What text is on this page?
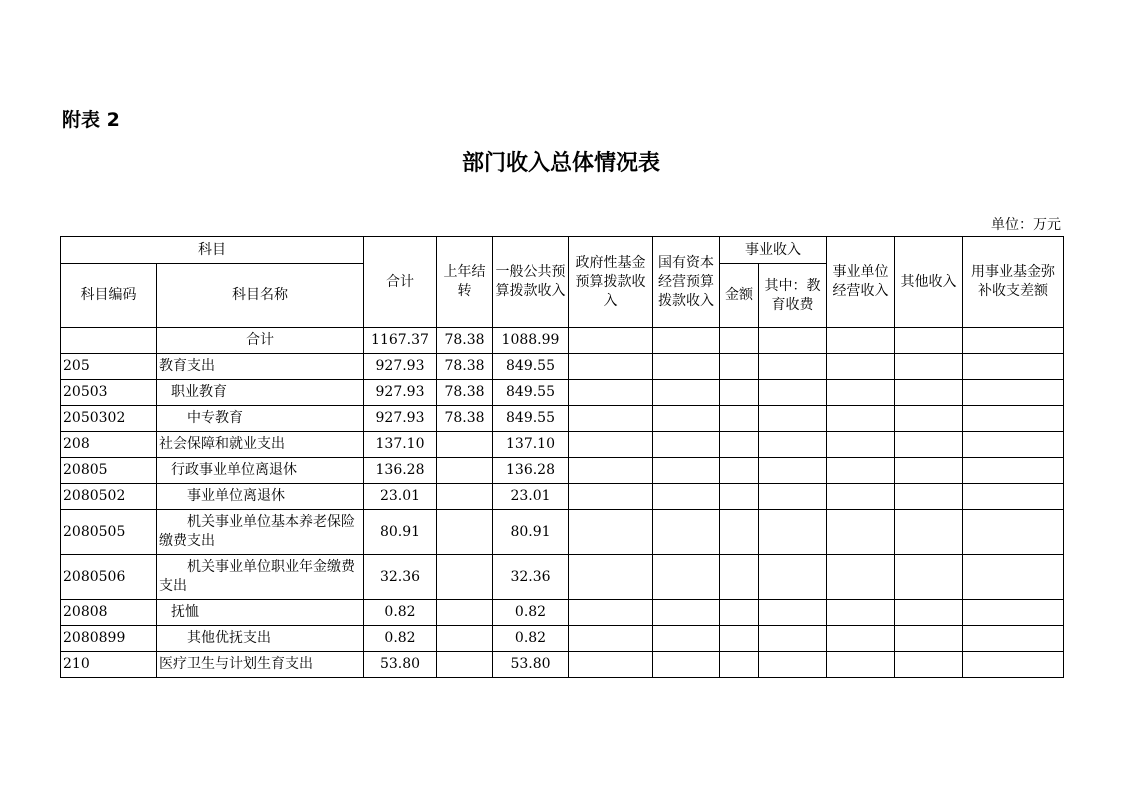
附表 2
部门收入总体情况表
单位：万元
科目		合计	上年结转	一般公共预算拨款收入	政府性基金预算拨款收入	国有资本经营预算拨款收入	事业收入		事业单位经营收入	其他收入	用事业基金弥补收支差额
科目编码	科目名称						金额	其中：教育收费			

	合计	1167.37	78.38	1088.99							
205	教育支出	927.93	78.38	849.55							
20503	职业教育	927.93	78.38	849.55							
2050302	中专教育	927.93	78.38	849.55							
208	社会保障和就业支出	137.10		137.10							
20805	行政事业单位离退休	136.28		136.28							
2080502	事业单位离退休	23.01		23.01							
2080505	机关事业单位基本养老保险缴费支出	80.91		80.91							
2080506	机关事业单位职业年金缴费支出	32.36		32.36							
20808	抚恤	0.82		0.82							
2080899	其他优抚支出	0.82		0.82							
210	医疗卫生与计划生育支出	53.80		53.80							
